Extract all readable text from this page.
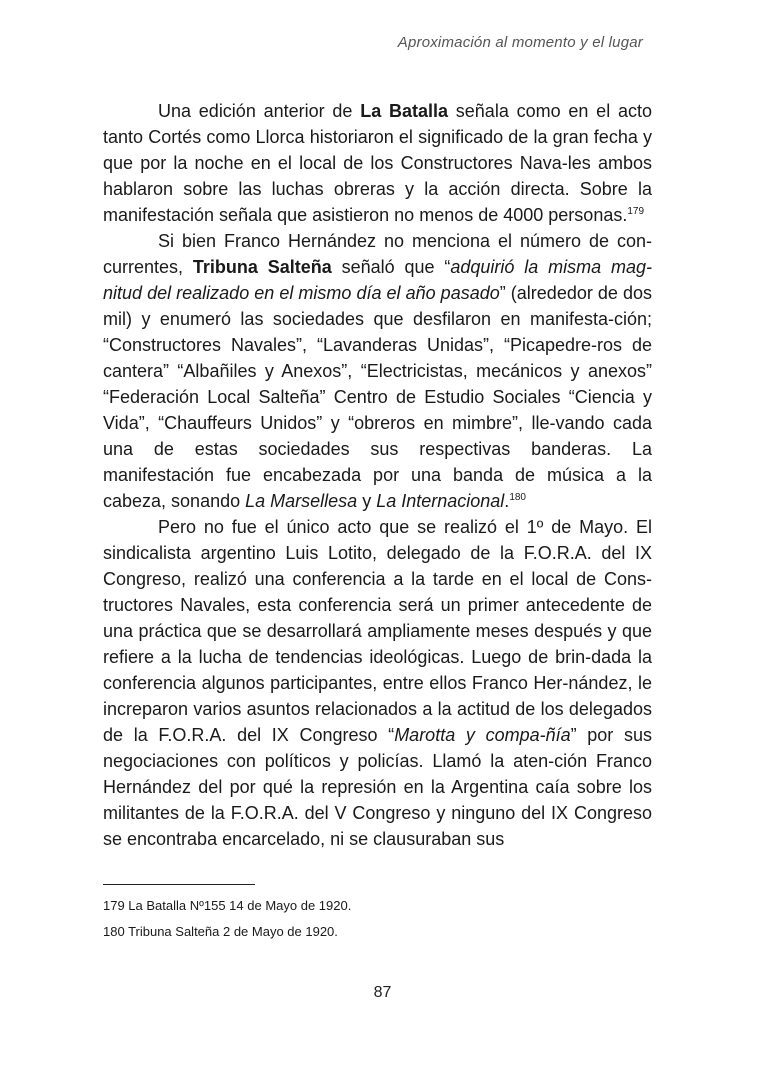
Aproximación al momento y el lugar

Una edición anterior de La Batalla señala como en el acto tanto Cortés como Llorca historiaron el significado de la gran fecha y que por la noche en el local de los Constructores Nava-les ambos hablaron sobre las luchas obreras y la acción directa. Sobre la manifestación señala que asistieron no menos de 4000 personas.$^{179}$

Si bien Franco Hernández no menciona el número de con-currentes, Tribuna Salteña señaló que “adquirió la misma mag-nitud del realizado en el mismo día el año pasado” (alrededor de dos mil) y enumeró las sociedades que desfilaron en manifesta-ción; “Constructores Navales”, “Lavanderas Unidas”, “Picapedre-ros de cantera” “Albañiles y Anexos”, “Electricistas, mecánicos y anexos” “Federación Local Salteña” Centro de Estudio Sociales “Ciencia y Vida”, “Chauffeurs Unidos” y “obreros en mimbre”, lle-vando cada una de estas sociedades sus respectivas banderas. La manifestación fue encabezada por una banda de música a la cabeza, sonando La Marsellesa y La Internacional.$^{180}$

Pero no fue el único acto que se realizó el 1º de Mayo. El sindicalista argentino Luis Lotito, delegado de la F.O.R.A. del IX Congreso, realizó una conferencia a la tarde en el local de Cons-tructores Navales, esta conferencia será un primer antecedente de una práctica que se desarrollará ampliamente meses después y que refiere a la lucha de tendencias ideológicas. Luego de brin-dada la conferencia algunos participantes, entre ellos Franco Her-nández, le increparon varios asuntos relacionados a la actitud de los delegados de la F.O.R.A. del IX Congreso “Marotta y compa-ñía” por sus negociaciones con políticos y policías. Llamó la aten-ción Franco Hernández del por qué la represión en la Argentina caía sobre los militantes de la F.O.R.A. del V Congreso y ninguno del IX Congreso se encontraba encarcelado, ni se clausuraban sus

179 La Batalla Nº155 14 de Mayo de 1920.
180 Tribuna Salteña 2 de Mayo de 1920.
87
